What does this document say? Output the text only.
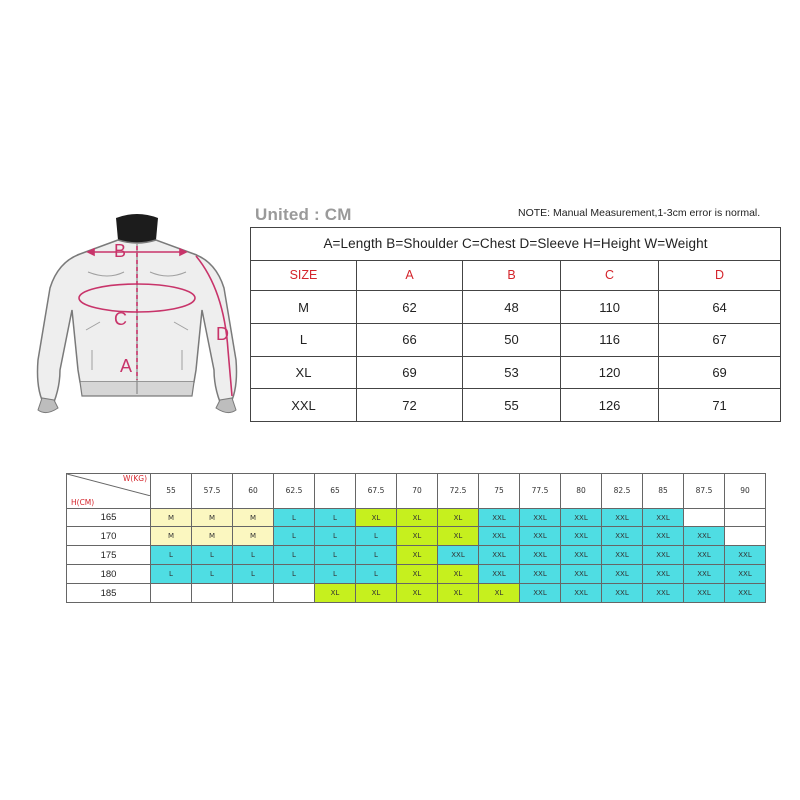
B
C
A
D
United : CM	NOTE: Manual Measurement,1-3cm error is normal.
A=Length B=Shoulder C=Chest D=Sleeve H=Height W=Weight				
SIZE	A	B	C	D
M	62	48	110	64
L	66	50	116	67
XL	69	53	120	69
XXL	72	55	126	71
W(KG)
H(CM)	55	57.5	60	62.5	65	67.5	70	72.5	75	77.5	80	82.5	85	87.5	90
165	M	M	M	L	L	XL	XL	XL	XXL	XXL	XXL	XXL	XXL		
170	M	M	M	L	L	L	XL	XL	XXL	XXL	XXL	XXL	XXL	XXL	
175	L	L	L	L	L	L	XL	XXL	XXL	XXL	XXL	XXL	XXL	XXL	XXL
180	L	L	L	L	L	L	XL	XL	XXL	XXL	XXL	XXL	XXL	XXL	XXL
185					XL	XL	XL	XL	XL	XXL	XXL	XXL	XXL	XXL	XXL
